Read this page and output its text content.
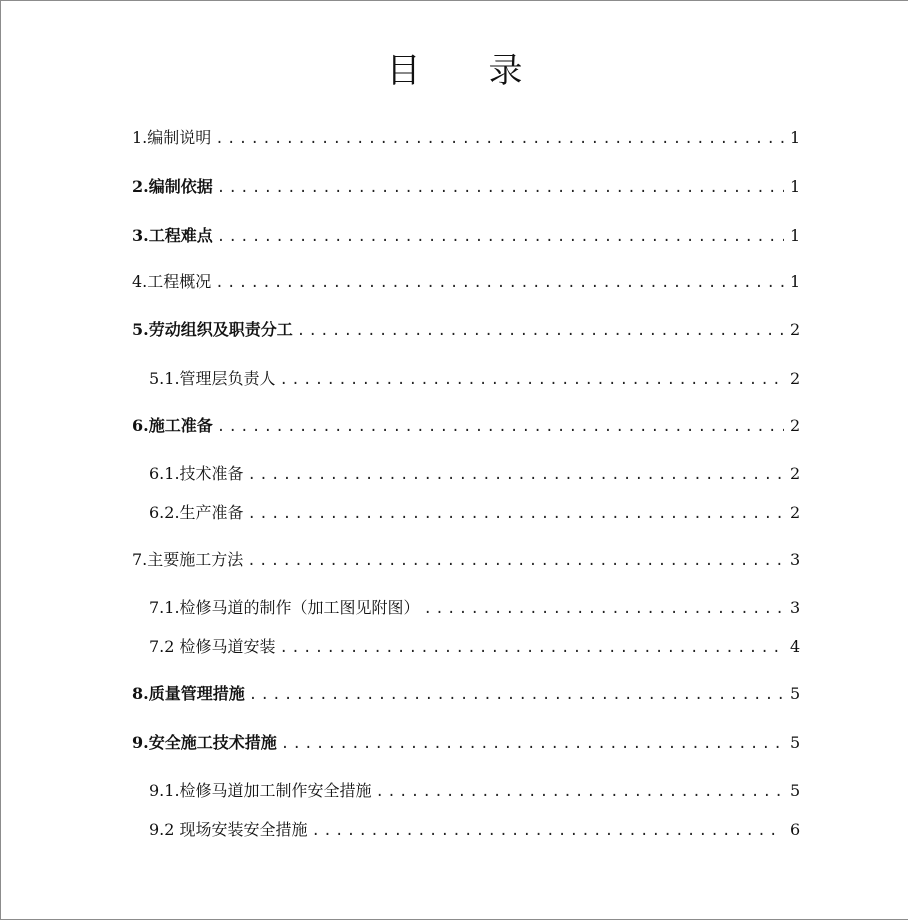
目　　录
1.编制说明 .....	1
2.编制依据 .....	1
3.工程难点 .....	1
4.工程概况 .....	1
5.劳动组织及职责分工 .....	2
5.1.管理层负责人 .....	2
6.施工准备 .....	2
6.1.技术准备 .....	2
6.2.生产准备 .....	2
7.主要施工方法 .....	3
7.1.检修马道的制作（加工图见附图） .....	3
7.2 检修马道安装 .....	4
8.质量管理措施 .....	5
9.安全施工技术措施 .....	5
9.1.检修马道加工制作安全措施 .....	5
9.2 现场安装安全措施 .....	6
